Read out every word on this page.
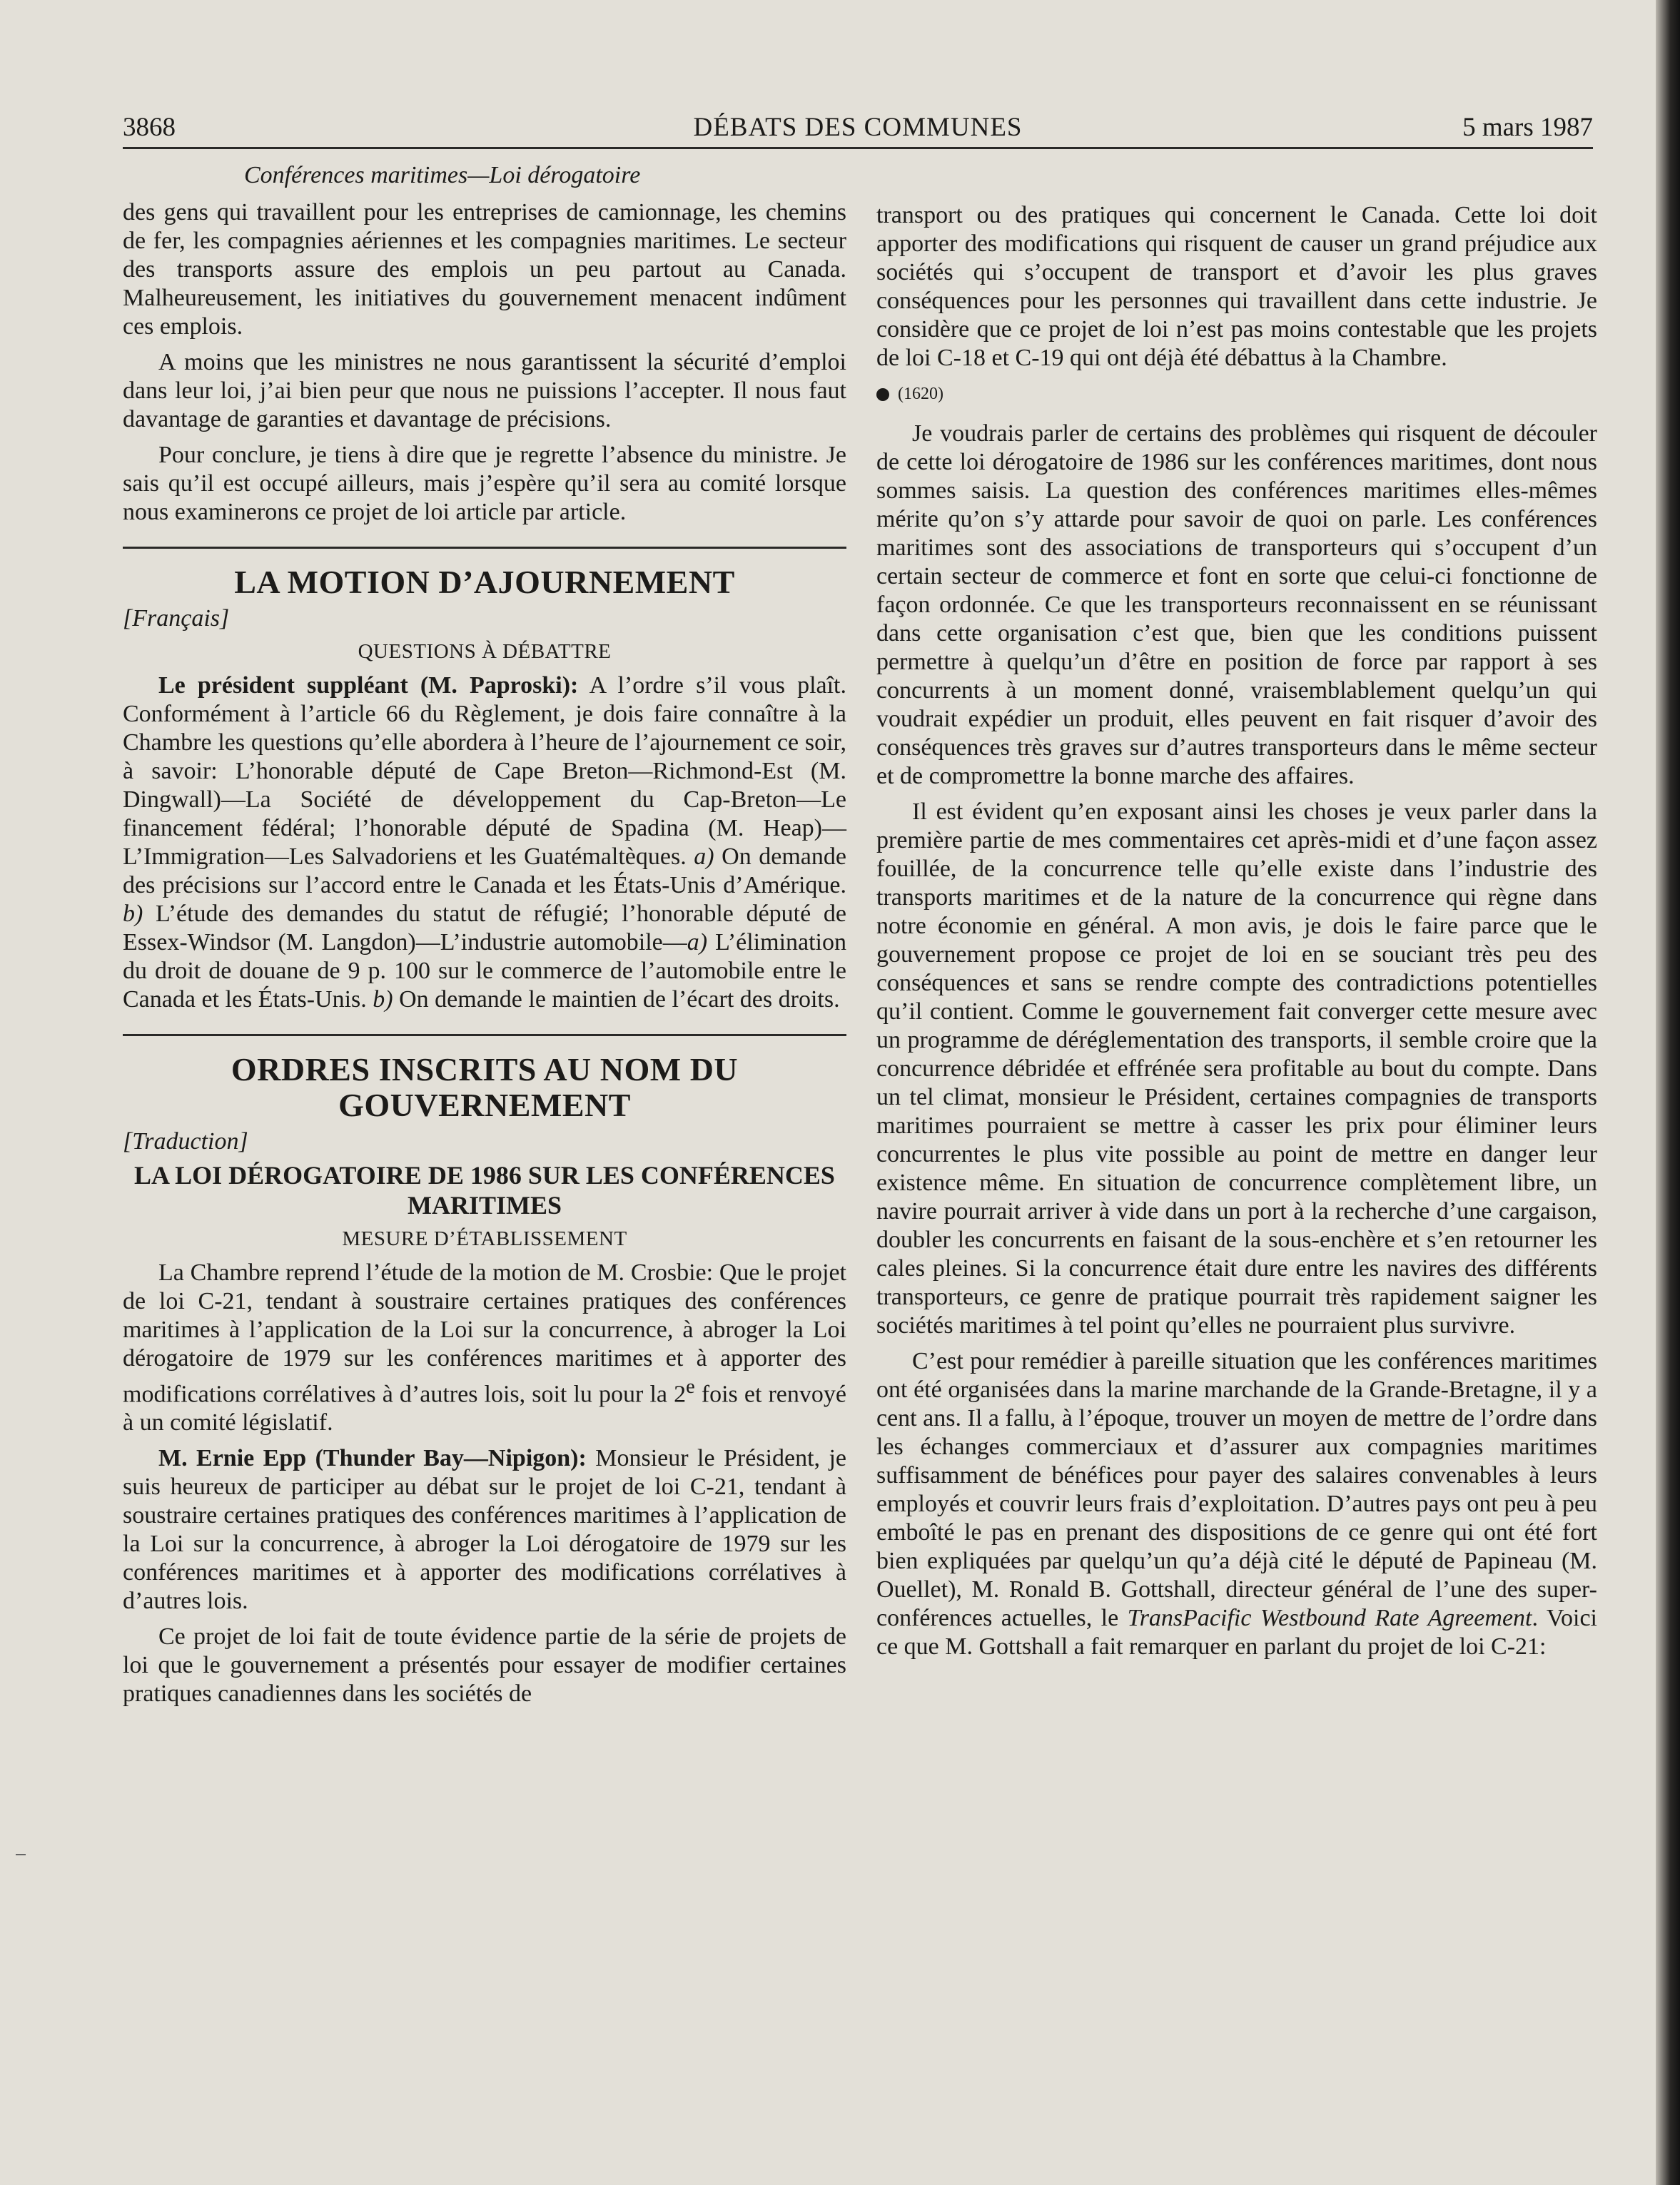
3868	DÉBATS DES COMMUNES	5 mars 1987

Conférences maritimes—Loi dérogatoire

des gens qui travaillent pour les entreprises de camionnage, les chemins de fer, les compagnies aériennes et les compagnies maritimes. Le secteur des transports assure des emplois un peu partout au Canada. Malheureusement, les initiatives du gouvernement menacent indûment ces emplois.

A moins que les ministres ne nous garantissent la sécurité d’emploi dans leur loi, j’ai bien peur que nous ne puissions l’accepter. Il nous faut davantage de garanties et davantage de précisions.

Pour conclure, je tiens à dire que je regrette l’absence du ministre. Je sais qu’il est occupé ailleurs, mais j’espère qu’il sera au comité lorsque nous examinerons ce projet de loi article par article.

LA MOTION D’AJOURNEMENT
[Français]
QUESTIONS À DÉBATTRE

Le président suppléant (M. Paproski): A l’ordre s’il vous plaît. Conformément à l’article 66 du Règlement, je dois faire connaître à la Chambre les questions qu’elle abordera à l’heure de l’ajournement ce soir, à savoir: L’honorable député de Cape Breton—Richmond-Est (M. Dingwall)—La Société de développement du Cap-Breton—Le financement fédéral; l’honorable député de Spadina (M. Heap)—L’Immigration—Les Salvadoriens et les Guatémaltèques. a) On demande des précisions sur l’accord entre le Canada et les États-Unis d’Amérique. b) L’étude des demandes du statut de réfugié; l’honorable député de Essex-Windsor (M. Langdon)—L’industrie automobile—a) L’élimination du droit de douane de 9 p. 100 sur le commerce de l’automobile entre le Canada et les États-Unis. b) On demande le maintien de l’écart des droits.

ORDRES INSCRITS AU NOM DU GOUVERNEMENT
[Traduction]
LA LOI DÉROGATOIRE DE 1986 SUR LES CONFÉRENCES MARITIMES
MESURE D’ÉTABLISSEMENT

La Chambre reprend l’étude de la motion de M. Crosbie: Que le projet de loi C-21, tendant à soustraire certaines pratiques des conférences maritimes à l’application de la Loi sur la concurrence, à abroger la Loi dérogatoire de 1979 sur les conférences maritimes et à apporter des modifications corrélatives à d’autres lois, soit lu pour la 2e fois et renvoyé à un comité législatif.

M. Ernie Epp (Thunder Bay—Nipigon): Monsieur le Président, je suis heureux de participer au débat sur le projet de loi C-21, tendant à soustraire certaines pratiques des conférences maritimes à l’application de la Loi sur la concurrence, à abroger la Loi dérogatoire de 1979 sur les conférences maritimes et à apporter des modifications corrélatives à d’autres lois.

Ce projet de loi fait de toute évidence partie de la série de projets de loi que le gouvernement a présentés pour essayer de modifier certaines pratiques canadiennes dans les sociétés de

transport ou des pratiques qui concernent le Canada. Cette loi doit apporter des modifications qui risquent de causer un grand préjudice aux sociétés qui s’occupent de transport et d’avoir les plus graves conséquences pour les personnes qui travaillent dans cette industrie. Je considère que ce projet de loi n’est pas moins contestable que les projets de loi C-18 et C-19 qui ont déjà été débattus à la Chambre.

(1620)

Je voudrais parler de certains des problèmes qui risquent de découler de cette loi dérogatoire de 1986 sur les conférences maritimes, dont nous sommes saisis. La question des conférences maritimes elles-mêmes mérite qu’on s’y attarde pour savoir de quoi on parle. Les conférences maritimes sont des associations de transporteurs qui s’occupent d’un certain secteur de commerce et font en sorte que celui-ci fonctionne de façon ordonnée. Ce que les transporteurs reconnaissent en se réunissant dans cette organisation c’est que, bien que les conditions puissent permettre à quelqu’un d’être en position de force par rapport à ses concurrents à un moment donné, vraisemblablement quelqu’un qui voudrait expédier un produit, elles peuvent en fait risquer d’avoir des conséquences très graves sur d’autres transporteurs dans le même secteur et de compromettre la bonne marche des affaires.

Il est évident qu’en exposant ainsi les choses je veux parler dans la première partie de mes commentaires cet après-midi et d’une façon assez fouillée, de la concurrence telle qu’elle existe dans l’industrie des transports maritimes et de la nature de la concurrence qui règne dans notre économie en général. A mon avis, je dois le faire parce que le gouvernement propose ce projet de loi en se souciant très peu des conséquences et sans se rendre compte des contradictions potentielles qu’il contient. Comme le gouvernement fait converger cette mesure avec un programme de déréglementation des transports, il semble croire que la concurrence débridée et effrénée sera profitable au bout du compte. Dans un tel climat, monsieur le Président, certaines compagnies de transports maritimes pourraient se mettre à casser les prix pour éliminer leurs concurrentes le plus vite possible au point de mettre en danger leur existence même. En situation de concurrence complètement libre, un navire pourrait arriver à vide dans un port à la recherche d’une cargaison, doubler les concurrents en faisant de la sous-enchère et s’en retourner les cales pleines. Si la concurrence était dure entre les navires des différents transporteurs, ce genre de pratique pourrait très rapidement saigner les sociétés maritimes à tel point qu’elles ne pourraient plus survivre.

C’est pour remédier à pareille situation que les conférences maritimes ont été organisées dans la marine marchande de la Grande-Bretagne, il y a cent ans. Il a fallu, à l’époque, trouver un moyen de mettre de l’ordre dans les échanges commerciaux et d’assurer aux compagnies maritimes suffisamment de bénéfices pour payer des salaires convenables à leurs employés et couvrir leurs frais d’exploitation. D’autres pays ont peu à peu emboîté le pas en prenant des dispositions de ce genre qui ont été fort bien expliquées par quelqu’un qu’a déjà cité le député de Papineau (M. Ouellet), M. Ronald B. Gottshall, directeur général de l’une des super-conférences actuelles, le TransPacific Westbound Rate Agreement. Voici ce que M. Gottshall a fait remarquer en parlant du projet de loi C-21:
